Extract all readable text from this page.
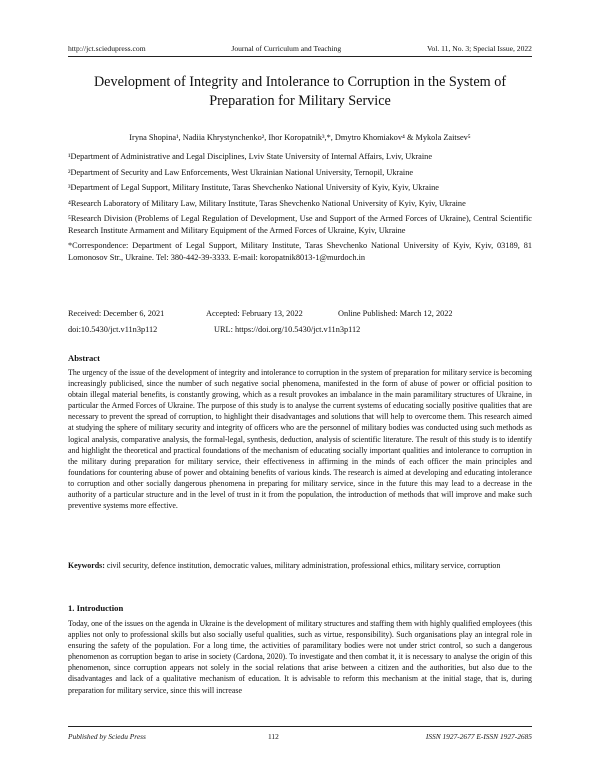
http://jct.sciedupress.com	Journal of Curriculum and Teaching	Vol. 11, No. 3; Special Issue, 2022
Development of Integrity and Intolerance to Corruption in the System of Preparation for Military Service
Iryna Shopina¹, Nadiia Khrystynchenko², Ihor Koropatnik³,*, Dmytro Khomiakov⁴ & Mykola Zaitsev⁵

¹Department of Administrative and Legal Disciplines, Lviv State University of Internal Affairs, Lviv, Ukraine

²Department of Security and Law Enforcements, West Ukrainian National University, Ternopil, Ukraine

³Department of Legal Support, Military Institute, Taras Shevchenko National University of Kyiv, Kyiv, Ukraine

⁴Research Laboratory of Military Law, Military Institute, Taras Shevchenko National University of Kyiv, Kyiv, Ukraine

⁵Research Division (Problems of Legal Regulation of Development, Use and Support of the Armed Forces of Ukraine), Central Scientific Research Institute Armament and Military Equipment of the Armed Forces of Ukraine, Kyiv, Ukraine

*Correspondence: Department of Legal Support, Military Institute, Taras Shevchenko National University of Kyiv, Kyiv, 03189, 81 Lomonosov Str., Ukraine. Tel: 380-442-39-3333. E-mail: koropatnik8013-1@murdoch.in

Received: December 6, 2021	Accepted: February 13, 2022	Online Published: March 12, 2022
doi:10.5430/jct.v11n3p112	URL: https://doi.org/10.5430/jct.v11n3p112
Abstract

The urgency of the issue of the development of integrity and intolerance to corruption in the system of preparation for military service is becoming increasingly publicised, since the number of such negative social phenomena, manifested in the form of abuse of power or official position to obtain illegal material benefits, is constantly growing, which as a result provokes an imbalance in the main paramilitary structures of Ukraine, in particular the Armed Forces of Ukraine. The purpose of this study is to analyse the current systems of educating socially positive qualities that are necessary to prevent the spread of corruption, to highlight their disadvantages and solutions that will help to overcome them. This research aimed at studying the sphere of military security and integrity of officers who are the personnel of military bodies was conducted using such methods as logical analysis, comparative analysis, the formal-legal, synthesis, deduction, analysis of scientific literature. The result of this study is to identify and highlight the theoretical and practical foundations of the mechanism of educating socially important qualities and intolerance to corruption in the military during preparation for military service, their effectiveness in affirming in the minds of each officer the main principles and foundations for countering abuse of power and obtaining benefits of various kinds. The research is aimed at developing and educating intolerance to corruption and other socially dangerous phenomena in preparing for military service, since in the future this may lead to a decrease in the authority of a particular structure and in the level of trust in it from the population, the introduction of methods that will improve and make such preventive systems more effective.

Keywords: civil security, defence institution, democratic values, military administration, professional ethics, military service, corruption

1. Introduction

Today, one of the issues on the agenda in Ukraine is the development of military structures and staffing them with highly qualified employees (this applies not only to professional skills but also socially useful qualities, such as virtue, responsibility). Such organisations play an integral role in ensuring the safety of the population. For a long time, the activities of paramilitary bodies were not under strict control, so such a dangerous phenomenon as corruption began to arise in society (Cardona, 2020). To investigate and then combat it, it is necessary to analyse the origin of this phenomenon, since corruption appears not solely in the social relations that arise between a citizen and the authorities, but also due to the disadvantages and lack of a qualitative mechanism of education. It is advisable to reform this mechanism at the initial stage, that is, during preparation for military service, since this will increase

Published by Sciedu Press	112	ISSN 1927-2677 E-ISSN 1927-2685
